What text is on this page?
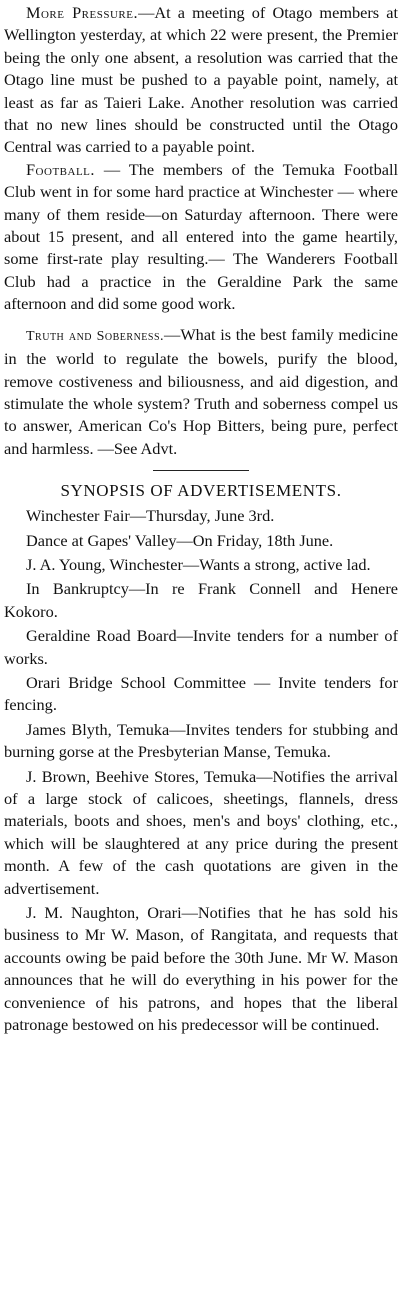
More Pressure.—At a meeting of Otago members at Wellington yesterday, at which 22 were present, the Premier being the only one absent, a resolution was carried that the Otago line must be pushed to a payable point, namely, at least as far as Taieri Lake. Another resolution was carried that no new lines should be constructed until the Otago Central was carried to a payable point.

Football. — The members of the Temuka Football Club went in for some hard practice at Winchester — where many of them reside—on Saturday afternoon. There were about 15 present, and all entered into the game heartily, some first-rate play resulting.— The Wanderers Football Club had a practice in the Geraldine Park the same afternoon and did some good work.

Truth and Soberness.—What is the best family medicine in the world to regulate the bowels, purify the blood, remove costiveness and biliousness, and aid digestion, and stimulate the whole system? Truth and soberness compel us to answer, American Co's Hop Bitters, being pure, perfect and harmless. —See Advt.

SYNOPSIS OF ADVERTISEMENTS.

Winchester Fair—Thursday, June 3rd.

Dance at Gapes' Valley—On Friday, 18th June.

J. A. Young, Winchester—Wants a strong, active lad.

In Bankruptcy—In re Frank Connell and Henere Kokoro.

Geraldine Road Board—Invite tenders for a number of works.

Orari Bridge School Committee — Invite tenders for fencing.

James Blyth, Temuka—Invites tenders for stubbing and burning gorse at the Presbyterian Manse, Temuka.

J. Brown, Beehive Stores, Temuka—Notifies the arrival of a large stock of calicoes, sheetings, flannels, dress materials, boots and shoes, men's and boys' clothing, etc., which will be slaughtered at any price during the present month. A few of the cash quotations are given in the advertisement.

J. M. Naughton, Orari—Notifies that he has sold his business to Mr W. Mason, of Rangitata, and requests that accounts owing be paid before the 30th June. Mr W. Mason announces that he will do everything in his power for the convenience of his patrons, and hopes that the liberal patronage bestowed on his predecessor will be continued.
